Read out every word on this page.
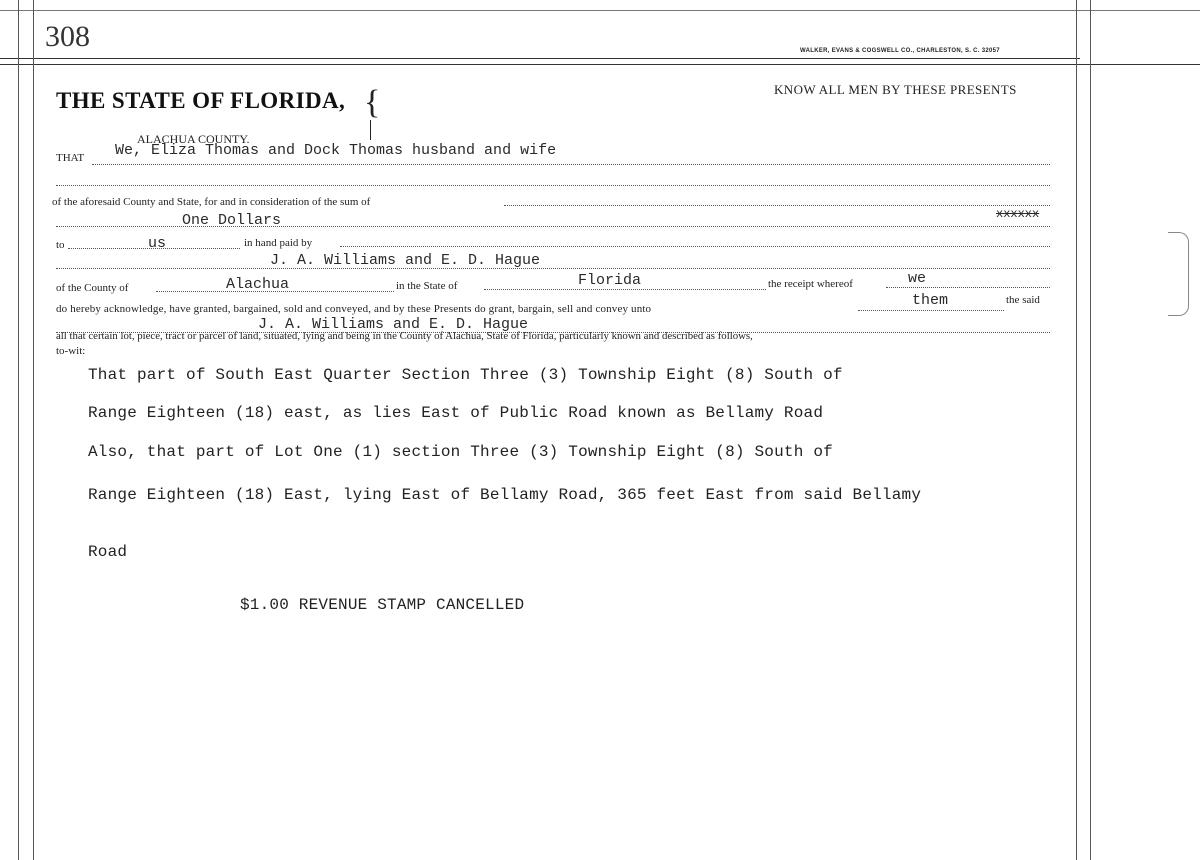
308	WALKER, EVANS & COGSWELL CO., CHARLESTON, S. C. 32057
THE STATE OF FLORIDA, {	KNOW ALL MEN BY THESE PRESENTS
ALACHUA COUNTY.
THAT We, Eliza Thomas and Dock Thomas husband and wife
of the aforesaid County and State, for and in consideration of the sum of
One Dollars	xxxxxx
to	us	in hand paid by
J. A. Williams and E. D. Hague
of the County of	Alachua	in the State of	Florida	the receipt whereof	we
do hereby acknowledge, have granted, bargained, sold and conveyed, and by these Presents do grant, bargain, sell and convey unto	them	the said
J. A. Williams and E. D. Hague
all that certain lot, piece, tract or parcel of land, situated, lying and being in the County of Alachua, State of Florida, particularly known and described as follows,
to-wit:
That part of South East Quarter Section Three (3) Township Eight (8) South of
Range Eighteen (18) east, as lies East of Public Road known as Bellamy Road
Also, that part of Lot One (1) section Three (3) Township Eight (8) South of
Range Eighteen (18) East, lying East of Bellamy Road, 365 feet East from said Bellamy
Road
$1.00 REVENUE STAMP CANCELLED
